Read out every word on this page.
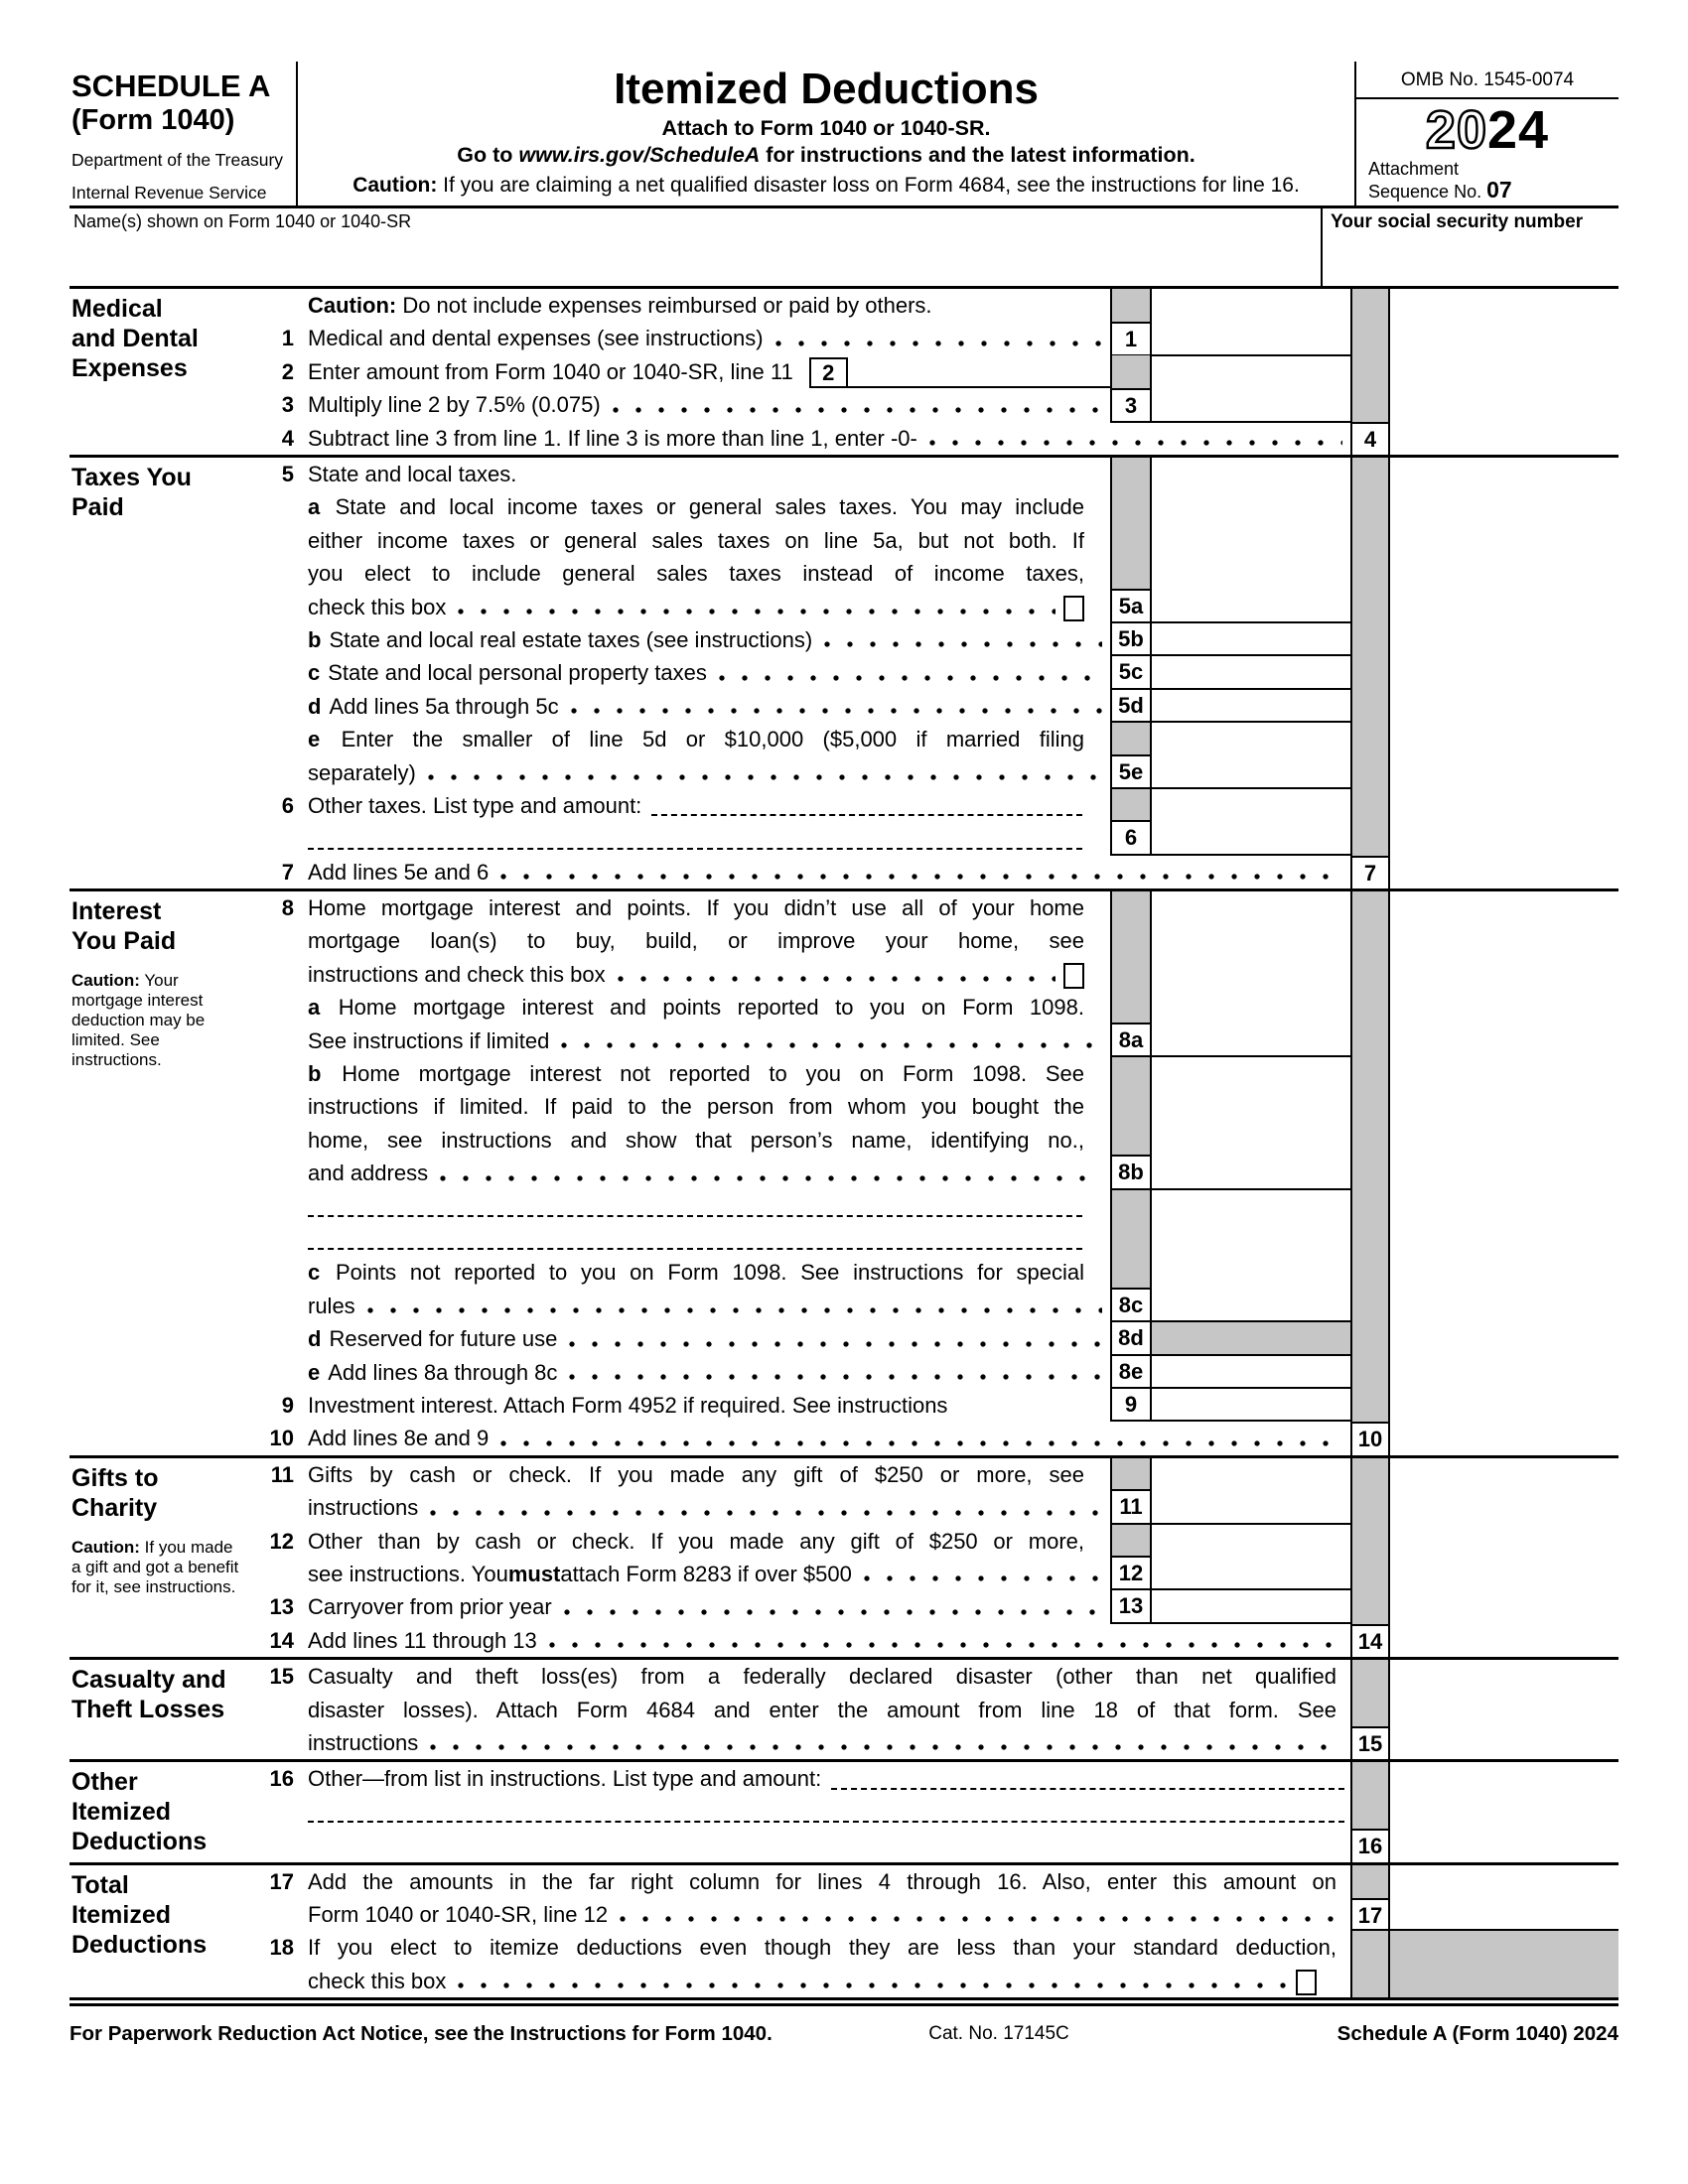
SCHEDULE A
(Form 1040)
Department of the Treasury
Internal Revenue Service
Itemized Deductions
Attach to Form 1040 or 1040-SR.
Go to www.irs.gov/ScheduleA for instructions and the latest information.
Caution: If you are claiming a net qualified disaster loss on Form 4684, see the instructions for line 16.
OMB No. 1545-0074
2024
Attachment
Sequence No. 07
Name(s) shown on Form 1040 or 1040-SR	Your social security number
Medical and Dental Expenses
Caution: Do not include expenses reimbursed or paid by others.
1 Medical and dental expenses (see instructions)	1
2 Enter amount from Form 1040 or 1040-SR, line 11	2
3 Multiply line 2 by 7.5% (0.075)	3
4 Subtract line 3 from line 1. If line 3 is more than line 1, enter -0-	4
Taxes You Paid
5 State and local taxes.
a State and local income taxes or general sales taxes. You may include
either income taxes or general sales taxes on line 5a, but not both. If
you elect to include general sales taxes instead of income taxes,
check this box	5a
b State and local real estate taxes (see instructions)	5b
c State and local personal property taxes	5c
d Add lines 5a through 5c	5d
e Enter the smaller of line 5d or $10,000 ($5,000 if married filing
separately)	5e
6 Other taxes. List type and amount:
6
7 Add lines 5e and 6	7
Interest You Paid
Caution: Your mortgage interest deduction may be limited. See instructions.
8 Home mortgage interest and points. If you didn’t use all of your home
mortgage loan(s) to buy, build, or improve your home, see
instructions and check this box
a Home mortgage interest and points reported to you on Form 1098.
See instructions if limited	8a
b Home mortgage interest not reported to you on Form 1098. See
instructions if limited. If paid to the person from whom you bought the
home, see instructions and show that person’s name, identifying no.,
and address	8b
c Points not reported to you on Form 1098. See instructions for special
rules	8c
d Reserved for future use	8d
e Add lines 8a through 8c	8e
9 Investment interest. Attach Form 4952 if required. See instructions	9
10 Add lines 8e and 9	10
Gifts to Charity
Caution: If you made a gift and got a benefit for it, see instructions.
11 Gifts by cash or check. If you made any gift of $250 or more, see
instructions	11
12 Other than by cash or check. If you made any gift of $250 or more,
see instructions. You must attach Form 8283 if over $500	12
13 Carryover from prior year	13
14 Add lines 11 through 13	14
Casualty and Theft Losses
15 Casualty and theft loss(es) from a federally declared disaster (other than net qualified
disaster losses). Attach Form 4684 and enter the amount from line 18 of that form. See
instructions	15
Other Itemized Deductions
16 Other—from list in instructions. List type and amount:
16
Total Itemized Deductions
17 Add the amounts in the far right column for lines 4 through 16. Also, enter this amount on
Form 1040 or 1040-SR, line 12	17
18 If you elect to itemize deductions even though they are less than your standard deduction,
check this box
For Paperwork Reduction Act Notice, see the Instructions for Form 1040.	Cat. No. 17145C	Schedule A (Form 1040) 2024
